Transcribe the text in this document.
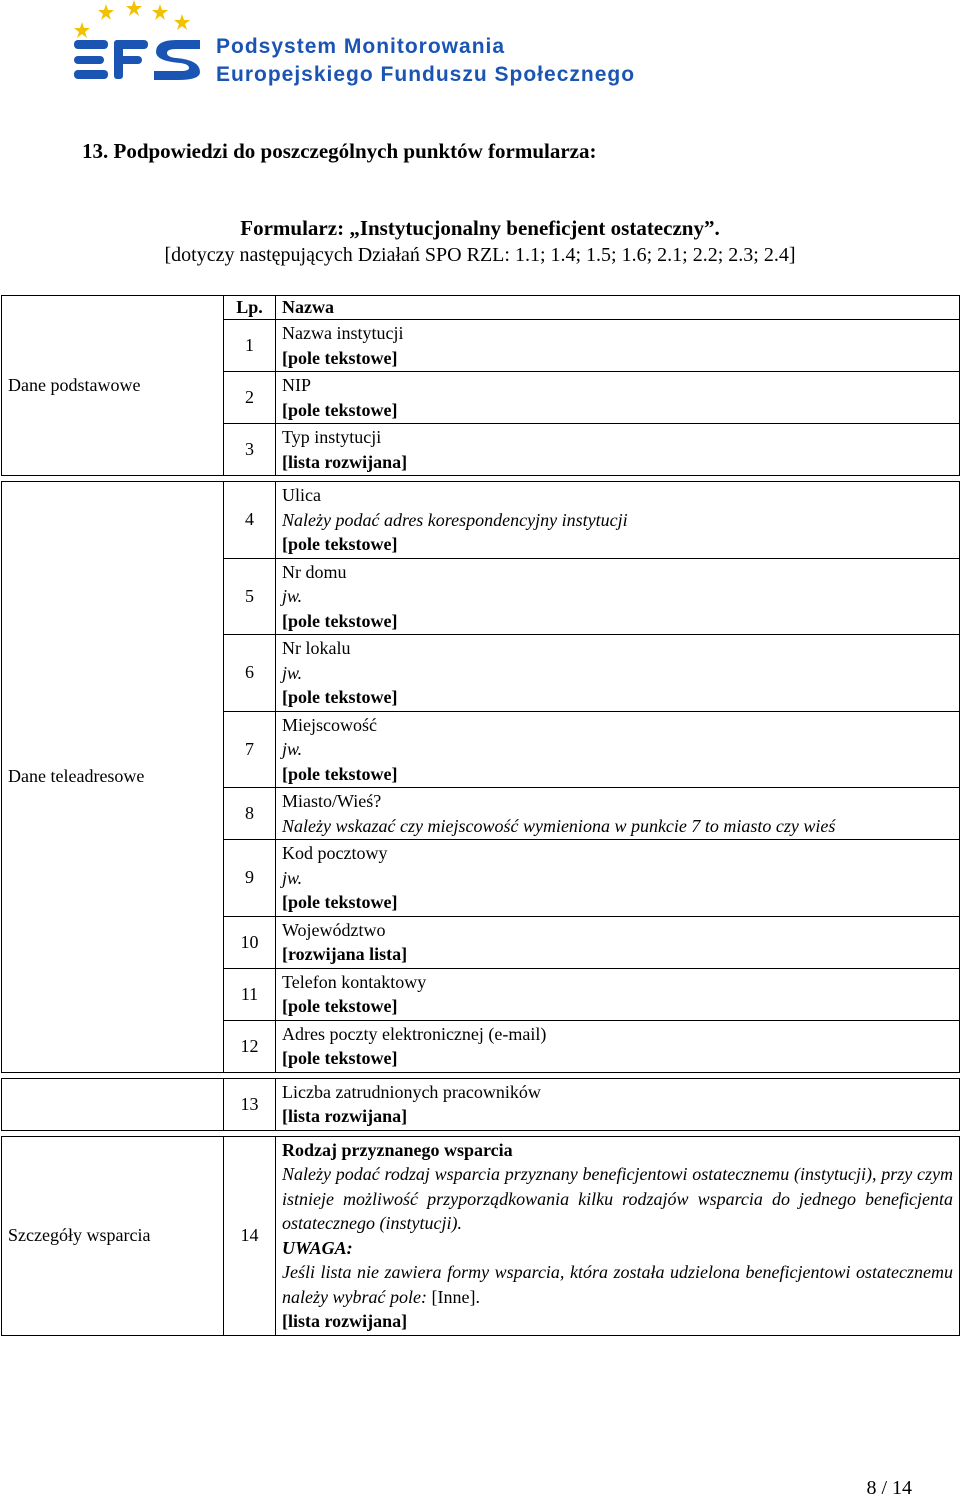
Podsystem Monitorowania
Europejskiego Funduszu Społecznego
13. Podpowiedzi do poszczególnych punktów formularza:
Formularz: „Instytucjonalny beneficjent ostateczny”.
[dotyczy następujących Działań SPO RZL: 1.1; 1.4; 1.5; 1.6; 2.1; 2.2; 2.3; 2.4]
Dane podstawowe	Lp.	Nazwa
	1	Nazwa instytucji
[pole tekstowe]

	2	NIP
[pole tekstowe]

	3	Typ instytucji
[lista rozwijana]

Dane teleadresowe	4	Ulica
Należy podać adres korespondencyjny instytucji
[pole tekstowe]

	5	Nr domu
jw.
[pole tekstowe]

	6	Nr lokalu
jw.
[pole tekstowe]

	7	Miejscowość
jw.
[pole tekstowe]

	8	Miasto/Wieś?
Należy wskazać czy miejscowość wymieniona w punkcie 7 to miasto czy wieś

	9	Kod pocztowy
jw.
[pole tekstowe]

	10	Województwo
[rozwijana lista]

	11	Telefon kontaktowy
[pole tekstowe]

	12	Adres poczty elektronicznej (e-mail)
[pole tekstowe]

	13	Liczba zatrudnionych pracowników
[lista rozwijana]

Szczegóły wsparcia	14	Rodzaj przyznanego wsparcia
Należy podać rodzaj wsparcia przyznany beneficjentowi ostatecznemu (instytucji), przy czym istnieje możliwość przyporządkowania kilku rodzajów wsparcia do jednego beneficjenta ostatecznego (instytucji).
UWAGA:
Jeśli lista nie zawiera formy wsparcia, która została udzielona beneficjentowi ostatecznemu należy wybrać pole: [Inne].
[lista rozwijana]
8 / 14
